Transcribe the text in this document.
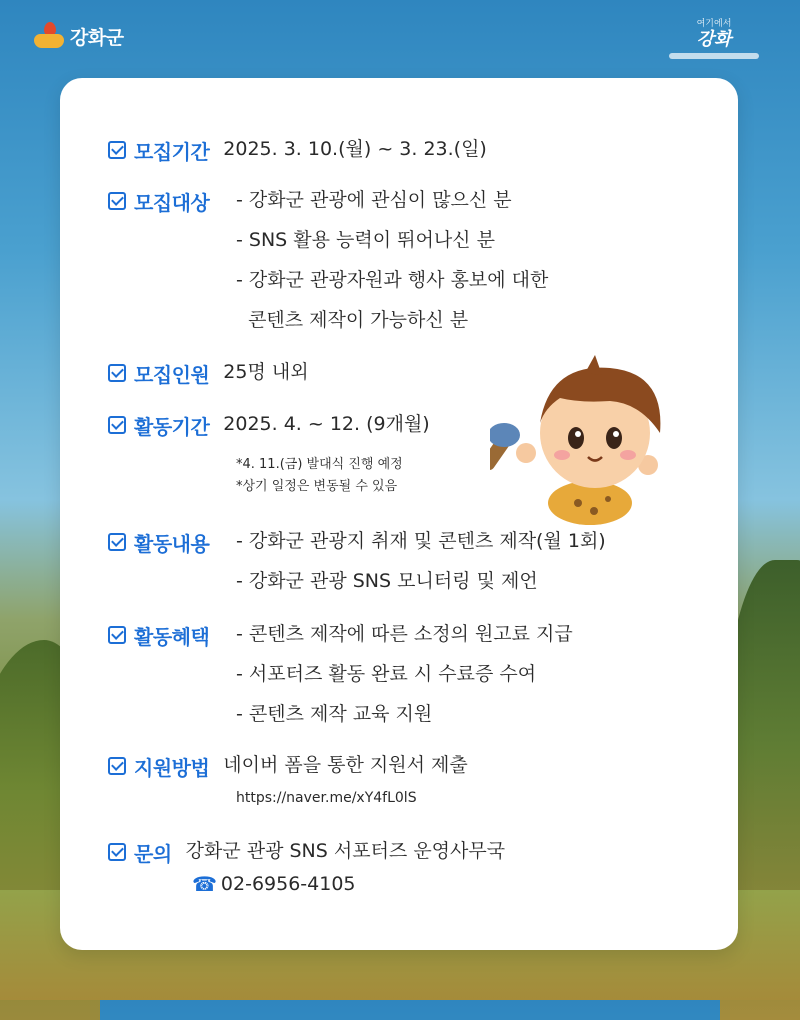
강화군
여기에서
강화
모집기간 2025. 3. 10.(월) ~ 3. 23.(일)
모집대상 - 강화군 관광에 관심이 많으신 분
- SNS 활용 능력이 뛰어나신 분
- 강화군 관광자원과 행사 홍보에 대한
콘텐츠 제작이 가능하신 분
모집인원 25명 내외
활동기간 2025. 4. ~ 12. (9개월)
*4. 11.(금) 발대식 진행 예정
*상기 일정은 변동될 수 있음
활동내용 - 강화군 관광지 취재 및 콘텐츠 제작(월 1회)
- 강화군 관광 SNS 모니터링 및 제언
활동혜택 - 콘텐츠 제작에 따른 소정의 원고료 지급
- 서포터즈 활동 완료 시 수료증 수여
- 콘텐츠 제작 교육 지원
지원방법 네이버 폼을 통한 지원서 제출
https://naver.me/xY4fL0lS
문의 강화군 관광 SNS 서포터즈 운영사무국
☎ 02-6956-4105
